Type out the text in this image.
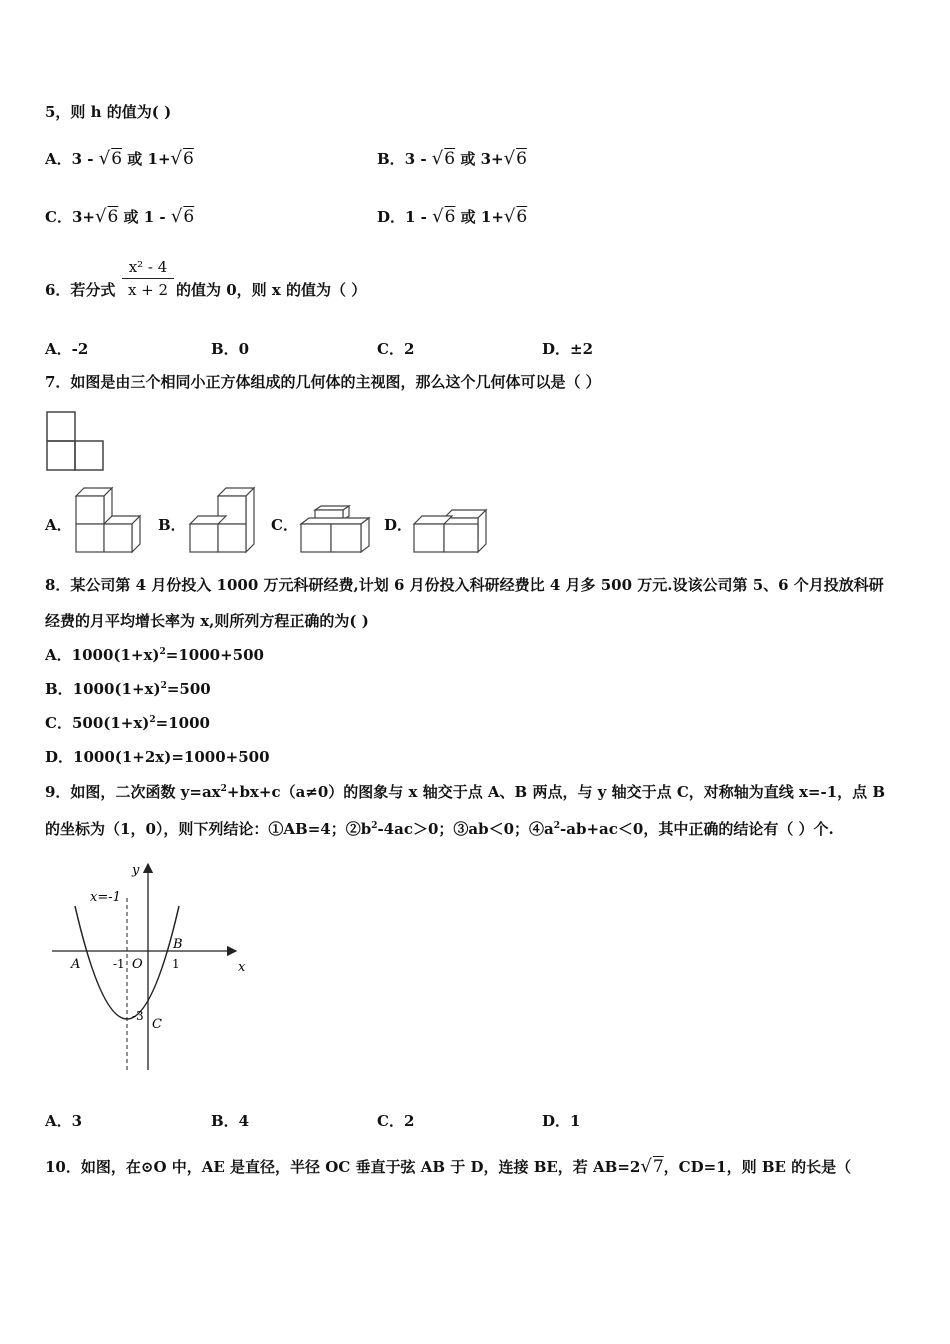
5，则 h 的值为( )
A．3 - √6 或 1+√6	B．3 - √6 或 3+√6
C．3+√6 或 1 - √6	D．1 - √6 或 1+√6
6．若分式
x² - 4
x + 2 的值为 0，则 x 的值为（ ）
A．-2	B．0	C．2	D．±2
7．如图是由三个相同小正方体组成的几何体的主视图，那么这个几何体可以是（ ）
A．	B．	C．	D．
8．某公司第 4 月份投入 1000 万元科研经费,计划 6 月份投入科研经费比 4 月多 500 万元.设该公司第 5、6 个月投放科研
经费的月平均增长率为 x,则所列方程正确的为( )
A．$1000(1+x)^2=1000+500$
B．$1000(1+x)^2=500$
C．$500(1+x)^2=1000$
D．1000(1+2x)=1000+500
9．如图，二次函数 $y=ax^2+bx+c(a\ne 0)$的图象与 x 轴交于点 A、B 两点，与 y 轴交于点 C，对称轴为直线 x=-1，点 B
的坐标为（1，0），则下列结论：①AB=4；$②b^2-4ac>0$；③ab＜0；$④a^2-ab+ac<0$，其中正确的结论有（ ）个.
x=-1
x
y
A
B
C
O
-1	1
-3
A．3	B．4	C．2	D．1
10．如图，在⊙O 中，AE 是直径，半径 OC 垂直于弦 AB 于 D，连接 BE，若 AB=2√7，CD=1，则 BE 的长是（
